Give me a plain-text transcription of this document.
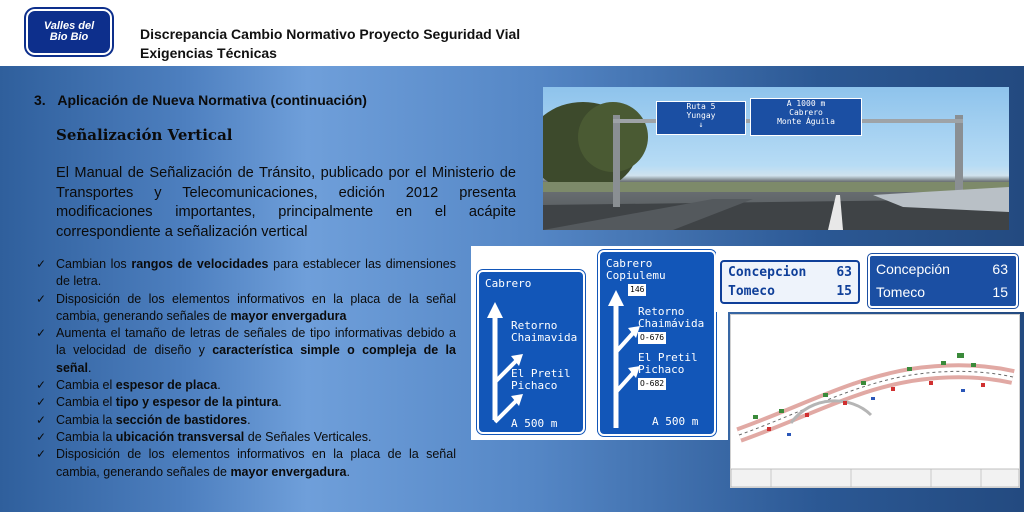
Valles del
Bio Bio	Discrepancia Cambio Normativo Proyecto Seguridad Vial
Exigencias Técnicas
3. Aplicación de Nueva Normativa (continuación)
Señalización Vertical
El Manual de Señalización de Tránsito, publicado por el Ministerio de Transportes y Telecomunicaciones, edición 2012 presenta modificaciones importantes, principalmente en el acápite correspondiente a señalización vertical
✓ Cambian los rangos de velocidades para establecer las dimensiones de letra.
✓ Disposición de los elementos informativos en la placa de la señal cambia, generando señales de mayor envergadura
✓ Aumenta el tamaño de letras de señales de tipo informativas debido a la velocidad de diseño y característica simple o compleja de la señal.
✓ Cambia el espesor de placa.
✓ Cambia el tipo y espesor de la pintura.
✓ Cambia la sección de bastidores.
✓ Cambia la ubicación transversal de Señales Verticales.
✓ Disposición de los elementos informativos en la placa de la señal cambia, generando señales de mayor envergadura.
Ruta 5
Yungay
↓
A 1000 m
Cabrero
Monte Águila
Cabrero
Retorno
Chaimavida
El Pretil
Pichaco
A 500 m
Cabrero
Copiulemu
146
Retorno
Chaimávida
O-676
El Pretil
Pichaco
O-682
A 500 m
Concepcion 63
Tomeco	15
Concepción	63
Tomeco	15
